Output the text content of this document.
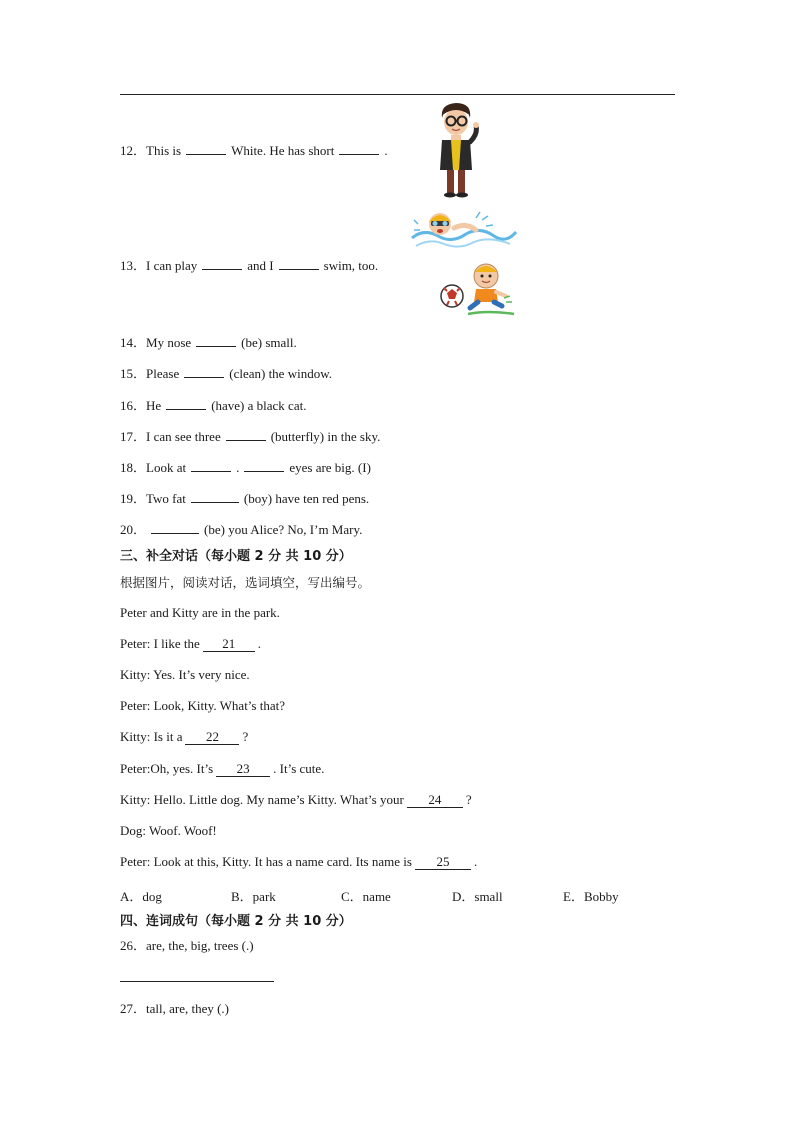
12．This is	White. He has short	.
13．I can play	and I	swim, too.
14．My nose	(be) small.
15．Please	(clean) the window.
16．He	(have) a black cat.
17．I can see three	(butterfly) in the sky.
18．Look at	.	eyes are big. (I)
19．Two fat	(boy) have ten red pens.
20．	(be) you Alice? No, I’m Mary.
三、补全对话（每小题 2 分 共 10 分）
根据图片，阅读对话，选词填空，写出编号。
Peter and Kitty are in the park.
Peter: I like the 21 .
Kitty: Yes. It’s very nice.
Peter: Look, Kitty. What’s that?
Kitty: Is it a 22 ?
Peter:Oh, yes. It’s 23 . It’s cute.
Kitty: Hello. Little dog. My name’s Kitty. What’s your 24 ?
Dog: Woof. Woof!
Peter: Look at this, Kitty. It has a name card. Its name is 25 .
A．dog	B．park	C．name	D．small	E．Bobby
四、连词成句（每小题 2 分 共 10 分）
26．are, the, big, trees (.)
27．tall, are, they (.)
